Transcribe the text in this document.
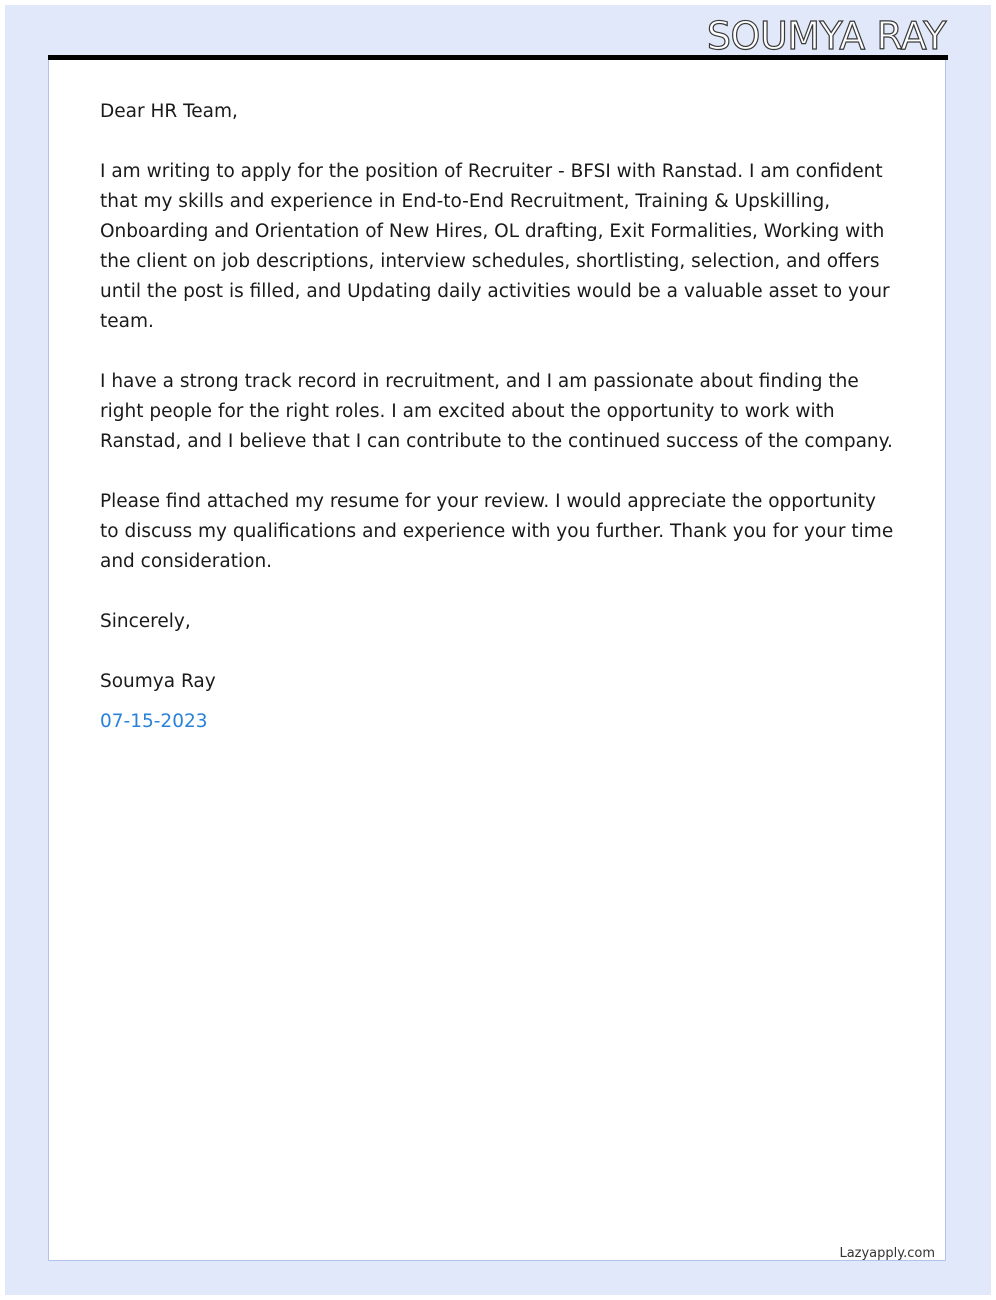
SOUMYA RAY

Dear HR Team,

I am writing to apply for the position of Recruiter - BFSI with Ranstad. I am confident that my skills and experience in End-to-End Recruitment, Training & Upskilling, Onboarding and Orientation of New Hires, OL drafting, Exit Formalities, Working with the client on job descriptions, interview schedules, shortlisting, selection, and offers until the post is filled, and Updating daily activities would be a valuable asset to your team.

I have a strong track record in recruitment, and I am passionate about finding the right people for the right roles. I am excited about the opportunity to work with Ranstad, and I believe that I can contribute to the continued success of the company.

Please find attached my resume for your review. I would appreciate the opportunity to discuss my qualifications and experience with you further. Thank you for your time and consideration.

Sincerely,

Soumya Ray

07-15-2023

Lazyapply.com
